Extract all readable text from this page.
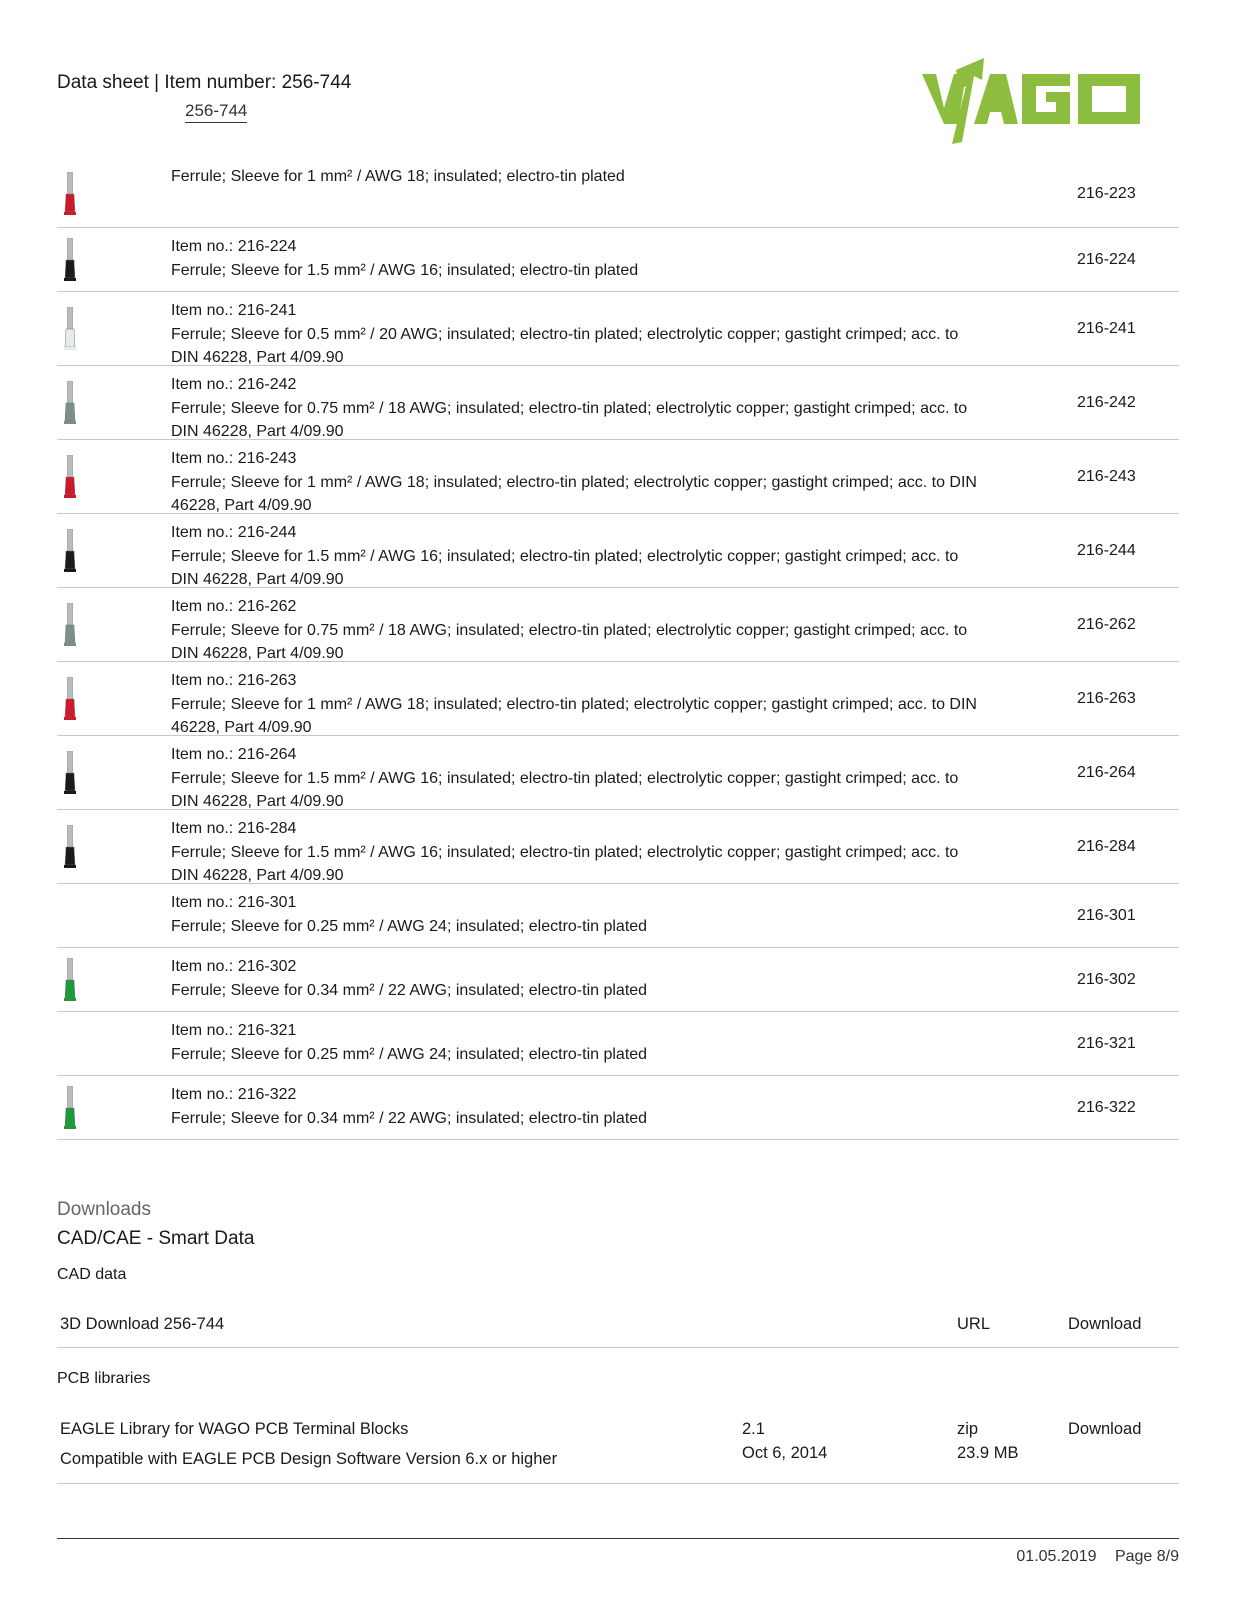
Data sheet | Item number: 256-744
256-744
WAGO
Ferrule; Sleeve for 1 mm² / AWG 18; insulated; electro-tin plated
216-223
Item no.: 216-224
Ferrule; Sleeve for 1.5 mm² / AWG 16; insulated; electro-tin plated
216-224
Item no.: 216-241
Ferrule; Sleeve for 0.5 mm² / 20 AWG; insulated; electro-tin plated; electrolytic copper; gastight crimped; acc. to DIN 46228, Part 4/09.90
216-241
Item no.: 216-242
Ferrule; Sleeve for 0.75 mm² / 18 AWG; insulated; electro-tin plated; electrolytic copper; gastight crimped; acc. to DIN 46228, Part 4/09.90
216-242
Item no.: 216-243
Ferrule; Sleeve for 1 mm² / AWG 18; insulated; electro-tin plated; electrolytic copper; gastight crimped; acc. to DIN 46228, Part 4/09.90
216-243
Item no.: 216-244
Ferrule; Sleeve for 1.5 mm² / AWG 16; insulated; electro-tin plated; electrolytic copper; gastight crimped; acc. to DIN 46228, Part 4/09.90
216-244
Item no.: 216-262
Ferrule; Sleeve for 0.75 mm² / 18 AWG; insulated; electro-tin plated; electrolytic copper; gastight crimped; acc. to DIN 46228, Part 4/09.90
216-262
Item no.: 216-263
Ferrule; Sleeve for 1 mm² / AWG 18; insulated; electro-tin plated; electrolytic copper; gastight crimped; acc. to DIN 46228, Part 4/09.90
216-263
Item no.: 216-264
Ferrule; Sleeve for 1.5 mm² / AWG 16; insulated; electro-tin plated; electrolytic copper; gastight crimped; acc. to DIN 46228, Part 4/09.90
216-264
Item no.: 216-284
Ferrule; Sleeve for 1.5 mm² / AWG 16; insulated; electro-tin plated; electrolytic copper; gastight crimped; acc. to DIN 46228, Part 4/09.90
216-284
Item no.: 216-301
Ferrule; Sleeve for 0.25 mm² / AWG 24; insulated; electro-tin plated
216-301
Item no.: 216-302
Ferrule; Sleeve for 0.34 mm² / 22 AWG; insulated; electro-tin plated
216-302
Item no.: 216-321
Ferrule; Sleeve for 0.25 mm² / AWG 24; insulated; electro-tin plated
216-321
Item no.: 216-322
Ferrule; Sleeve for 0.34 mm² / 22 AWG; insulated; electro-tin plated
216-322
Downloads
CAD/CAE - Smart Data
CAD data
3D Download 256-744	URL	Download
PCB libraries
EAGLE Library for WAGO PCB Terminal Blocks
Compatible with EAGLE PCB Design Software Version 6.x or higher
2.1
Oct 6, 2014
zip
23.9 MB
Download
01.05.2019 Page 8/9
